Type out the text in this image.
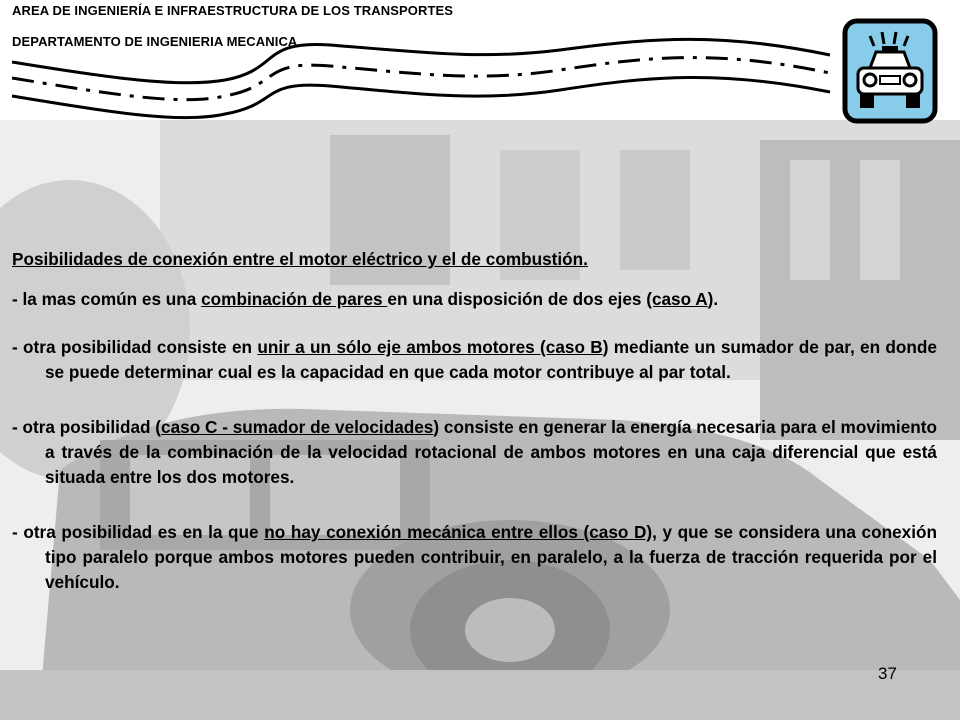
AREA DE INGENIERÍA E INFRAESTRUCTURA DE LOS TRANSPORTES
DEPARTAMENTO DE INGENIERIA MECANICA
Posibilidades de conexión entre el motor eléctrico y el de combustión.
- la mas común es una combinación de pares en una disposición de dos ejes (caso A).
- otra posibilidad consiste en unir a un sólo eje ambos motores (caso B) mediante un sumador de par, en donde se puede determinar cual es la capacidad en que cada motor contribuye al par total.
- otra posibilidad (caso C - sumador de velocidades) consiste en generar la energía necesaria para el movimiento a través de la combinación de la velocidad rotacional de ambos motores en una caja diferencial que está situada entre los dos motores.
- otra posibilidad es en la que no hay conexión mecánica entre ellos (caso D), y que se considera una conexión tipo paralelo porque ambos motores pueden contribuir, en paralelo, a la fuerza de tracción requerida por el vehículo.
37
